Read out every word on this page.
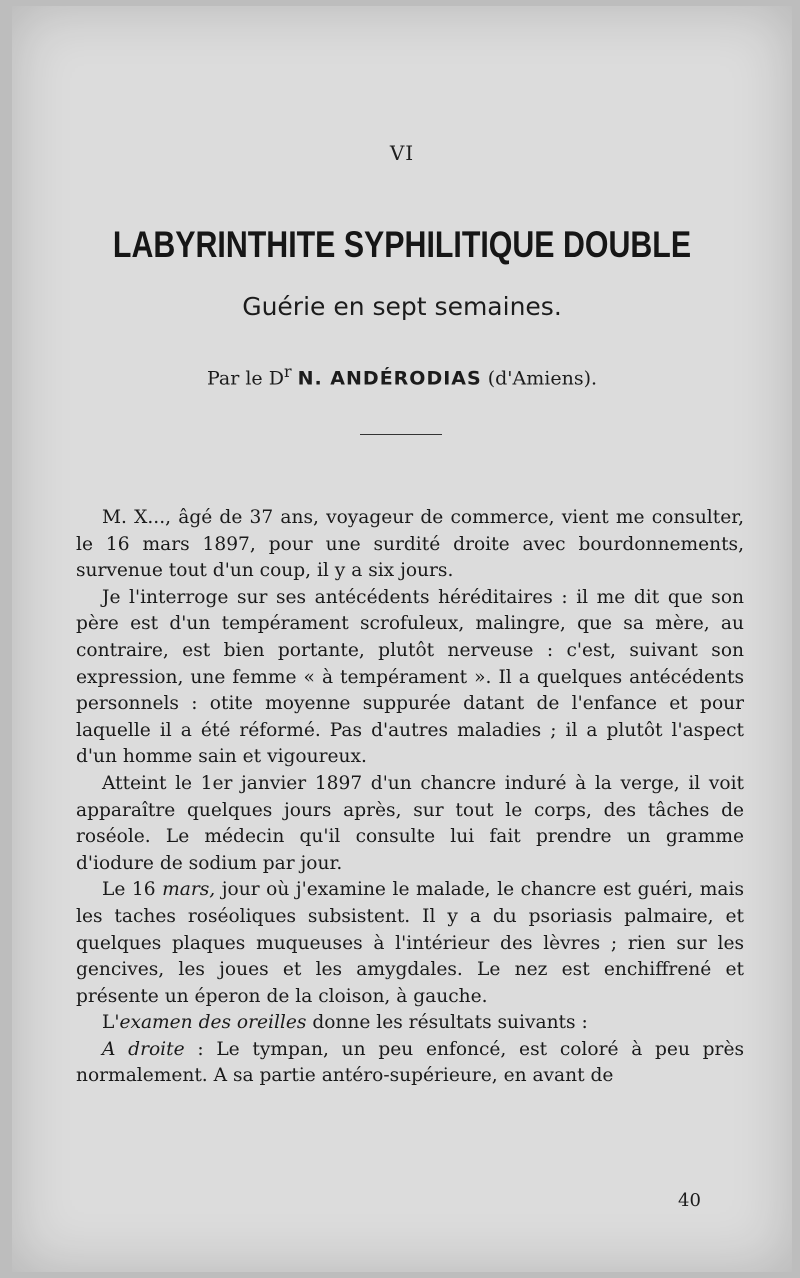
VI
LABYRINTHITE SYPHILITIQUE DOUBLE
Guérie en sept semaines.
Par le $D^r$ N. ANDÉRODIAS (d'Amiens).

M. X..., âgé de 37 ans, voyageur de commerce, vient me consulter, le 16 mars 1897, pour une surdité droite avec bourdonnements, survenue tout d'un coup, il y a six jours.

Je l'interroge sur ses antécédents héréditaires : il me dit que son père est d'un tempérament scrofuleux, malingre, que sa mère, au contraire, est bien portante, plutôt nerveuse : c'est, suivant son expression, une femme « à tempérament ». Il a quelques antécédents personnels : otite moyenne suppurée datant de l'enfance et pour laquelle il a été réformé. Pas d'autres maladies ; il a plutôt l'aspect d'un homme sain et vigoureux.

Atteint le 1er janvier 1897 d'un chancre induré à la verge, il voit apparaître quelques jours après, sur tout le corps, des tâches de roséole. Le médecin qu'il consulte lui fait prendre un gramme d'iodure de sodium par jour.

Le 16 mars, jour où j'examine le malade, le chancre est guéri, mais les taches roséoliques subsistent. Il y a du psoriasis palmaire, et quelques plaques muqueuses à l'intérieur des lèvres ; rien sur les gencives, les joues et les amygdales. Le nez est enchiffrené et présente un éperon de la cloison, à gauche.

L'examen des oreilles donne les résultats suivants :

A droite : Le tympan, un peu enfoncé, est coloré à peu près normalement. A sa partie antéro-supérieure, en avant de

40
